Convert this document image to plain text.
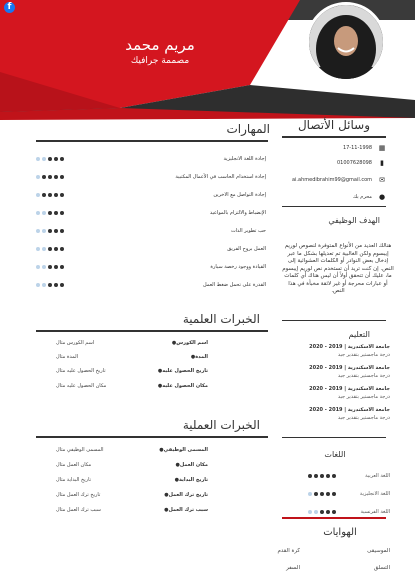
f
مريم محمد
مصممة جرافيك
وسائل الأتصال
17-11-1998 ▦
01007628098 ▮
ai.ahmedibrahim99@gmail.com ✉
محرم بك ●
الهدف الوظيفي
هنالك العديد من الأنواع المتوفرة لنصوص لوريم إيبسوم ولكن الغالبية تم تعديلها بشكل ما عبر إدخال بعض النوادر أو الكلمات العشوائية إلى النص. إن كنت تريد أن تستخدم نص لوريم إيبسوم ما، عليك أن تتحقق أولاً أن ليس هناك أي كلمات أو عبارات محرجة أو غير لائقة مخبأة في هذا النص.
التعليم
جامعة الاسكندرية | 2019 - 2020
درجة ماجستير بتقدير جيد
جامعة الاسكندرية | 2019 - 2020
درجة ماجستير بتقدير جيد
جامعة الاسكندرية | 2019 - 2020
درجة ماجستير بتقدير جيد
جامعة الاسكندرية | 2019 - 2020
درجة ماجستير بتقدير جيد
اللغات
اللغة العربية
اللغة الانجليزية
اللغة الفرنسية
الهوايات
الموسيقى
كرة القدم
التسلق
السفر
المهارات
إجادة اللغة الانجليزية
إجادة استخدام الحاسب في الأعمال المكتبية
إجادة التواصل مع الاخرين
الإنضباط والالتزام بالمواعيد
حب تطوير الذات
العمل بروح الفريق
القيادة ووجود رخصة سيارة
القدرة على تحمل ضغط العمل
الخبرات العلمية
● اسم الكورس
اسم الكورس مثال
● المدة
المدة مثال
● تاريخ الحصول عليه
تاريخ الحصول عليه مثال
● مكان الحصول عليه
مكان الحصول عليه مثال
الخبرات العملية
● المسمى الوظيفي
المسمى الوظيفي مثال
● مكان العمل
مكان العمل مثال
● تاريخ البداية
تاريخ البداية مثال
● تاريخ ترك العمل
تاريخ ترك العمل مثال
● سبب ترك العمل
سبب ترك العمل مثال
